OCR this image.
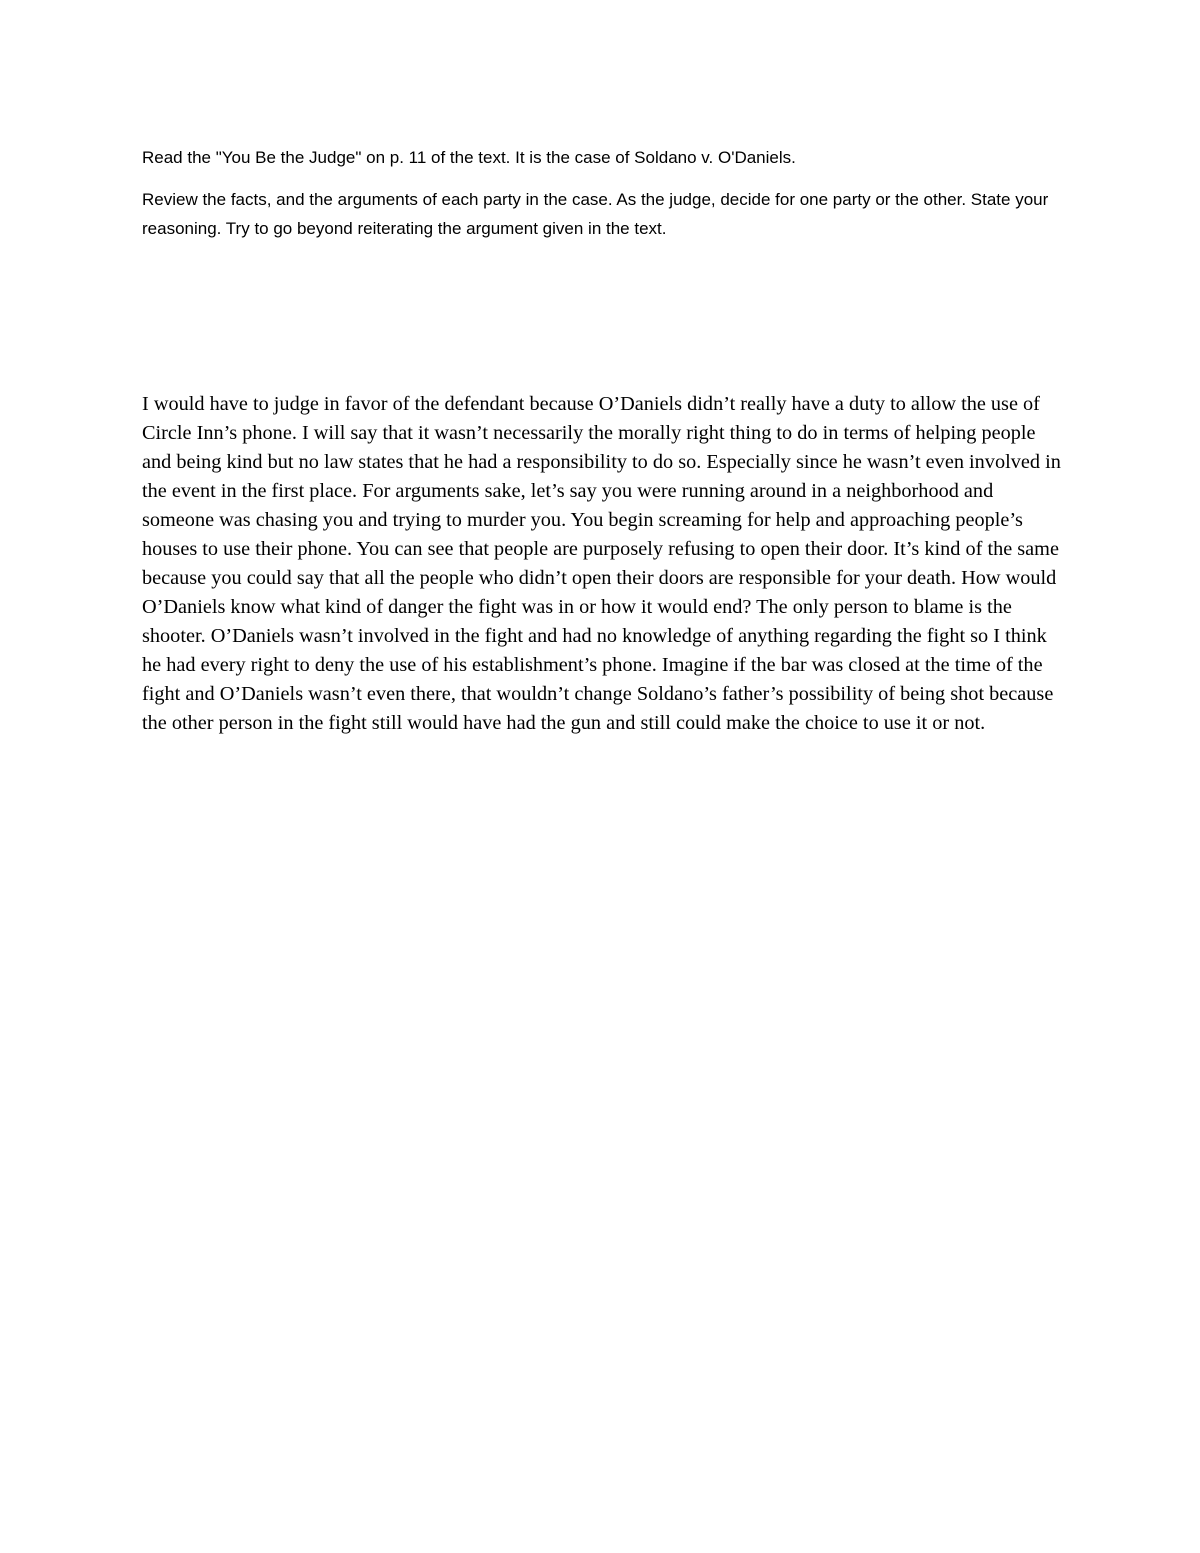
Read the "You Be the Judge" on p. 11 of the text. It is the case of Soldano v. O'Daniels.

Review the facts, and the arguments of each party in the case. As the judge, decide for one party or the other. State your reasoning. Try to go beyond reiterating the argument given in the text.

I would have to judge in favor of the defendant because O’Daniels didn’t really have a duty to allow the use of Circle Inn’s phone. I will say that it wasn’t necessarily the morally right thing to do in terms of helping people and being kind but no law states that he had a responsibility to do so. Especially since he wasn’t even involved in the event in the first place. For arguments sake, let’s say you were running around in a neighborhood and someone was chasing you and trying to murder you. You begin screaming for help and approaching people’s houses to use their phone. You can see that people are purposely refusing to open their door. It’s kind of the same because you could say that all the people who didn’t open their doors are responsible for your death. How would O’Daniels know what kind of danger the fight was in or how it would end? The only person to blame is the shooter. O’Daniels wasn’t involved in the fight and had no knowledge of anything regarding the fight so I think he had every right to deny the use of his establishment’s phone. Imagine if the bar was closed at the time of the fight and O’Daniels wasn’t even there, that wouldn’t change Soldano’s father’s possibility of being shot because the other person in the fight still would have had the gun and still could make the choice to use it or not.
